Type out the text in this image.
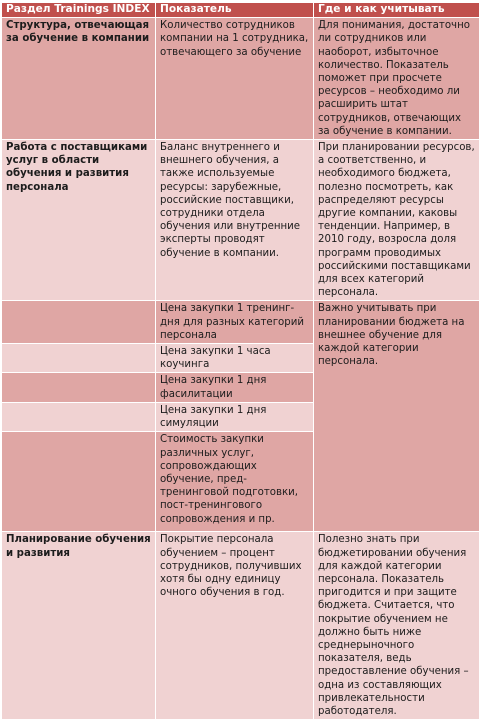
Раздел Trainings INDEX	Показатель	Где и как учитывать
Структура, отвечающая за обучение в компании	Количество сотрудников компании на 1 сотрудника, отвечающего за обучение	Для понимания, достаточно ли сотрудников или наоборот, избыточное количество. Показатель поможет при просчете ресурсов – необходимо ли расширить штат сотрудников, отвечающих за обучение в компании.
Работа с поставщиками услуг в области обучения и развития персонала	Баланс внутреннего и внешнего обучения, а также используемые ресурсы: зарубежные, российские поставщики, сотрудники отдела обучения или внутренние эксперты проводят обучение в компании.	При планировании ресурсов, а соответственно, и необходимого бюджета, полезно посмотреть, как распределяют ресурсы другие компании, каковы тенденции. Например, в 2010 году, возросла доля программ проводимых российскими поставщиками для всех категорий персонала.
	Цена закупки 1 тренинг-дня для разных категорий персонала	Важно учитывать при планировании бюджета на внешнее обучение для каждой категории персонала.
	Цена закупки 1 часа коучинга	
	Цена закупки 1 дня фасилитации	
	Цена закупки 1 дня симуляции	
	Стоимость закупки различных услуг, сопровождающих обучение, пред-тренинговой подготовки, пост-тренингового сопровождения и пр.	
Планирование обучения и развития	Покрытие персонала обучением – процент сотрудников, получивших хотя бы одну единицу очного обучения в год.	Полезно знать при бюджетировании обучения для каждой категории персонала. Показатель пригодится и при защите бюджета. Считается, что покрытие обучением не должно быть ниже среднерыночного показателя, ведь предоставление обучения – одна из составляющих привлекательности работодателя.
